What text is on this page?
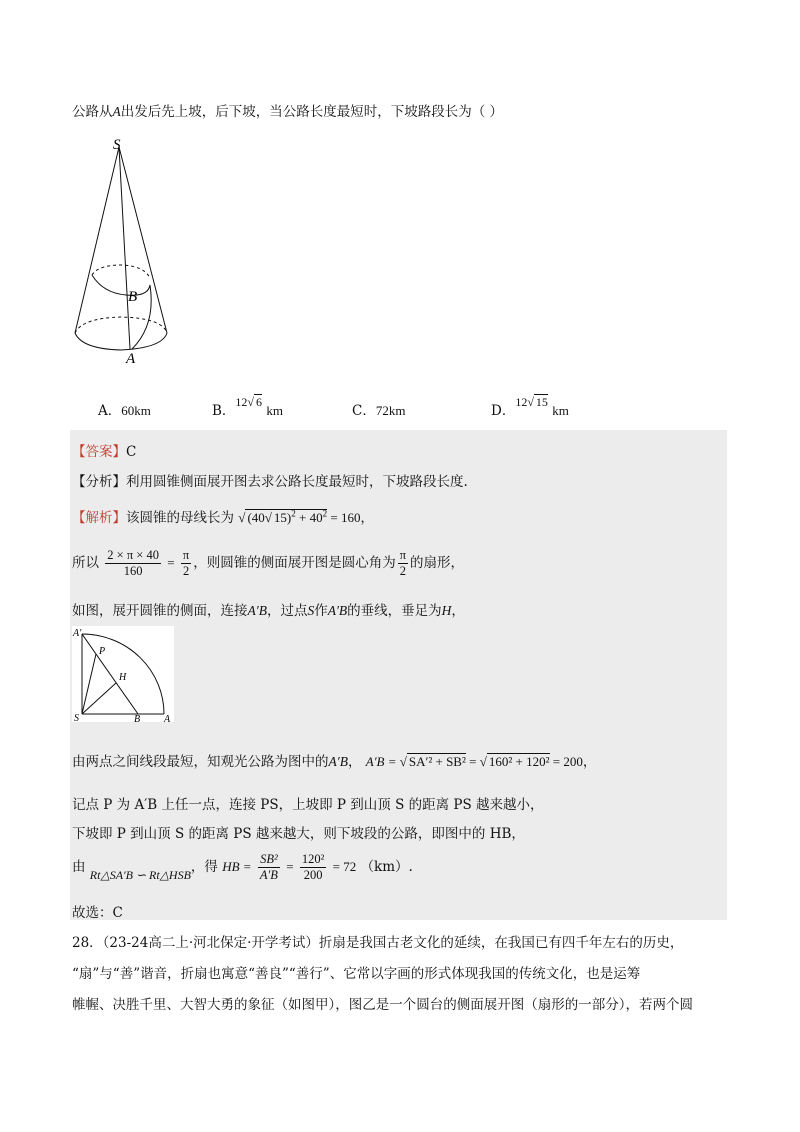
公路从A出发后先上坡，后下坡，当公路长度最短时，下坡路段长为（ ）
S
B
A
A．60km	B．12√ 6 km	C．72km	D．12√ 15 km
【答案】C
【分析】利用圆锥侧面展开图去求公路长度最短时，下坡路段长度.
【解析】该圆锥的母线长为 √ (40√ $15)^2 + 40^2 = 160$，
所以 $\frac{2 \times \pi \times 40}{160} = \frac{\pi}{2}$ ，则圆锥的侧面展开图是圆心角为 $\frac{\pi}{2}$ 的扇形，
如图，展开圆锥的侧面，连接A′B，过点S作A′B的垂线，垂足为H，
A′
P
H
S	B A
由两点之间线段最短，知观光公路为图中的A′B， A′B = √ SA′² + SB² = √ 160² + 120² = 200，
记点 P 为 A′B 上任一点，连接 PS，上坡即 P 到山顶 S 的距离 PS 越来越小，
下坡即 P 到山顶 S 的距离 PS 越来越大，则下坡段的公路，即图中的 HB，
由 Rt△SA′B ∽ Rt△HSB，得 HB = $\frac{\text{SB²}}{A'B} = \frac{\text{120²}}{200} = 72$ （km）.
故选：C
28．（23-24高二上·河北保定·开学考试）折扇是我国古老文化的延续，在我国已有四千年左右的历史，
“扇”与“善”谐音，折扇也寓意“善良”“善行”、它常以字画的形式体现我国的传统文化，也是运筹
帷幄、决胜千里、大智大勇的象征（如图甲），图乙是一个圆台的侧面展开图（扇形的一部分），若两个圆
